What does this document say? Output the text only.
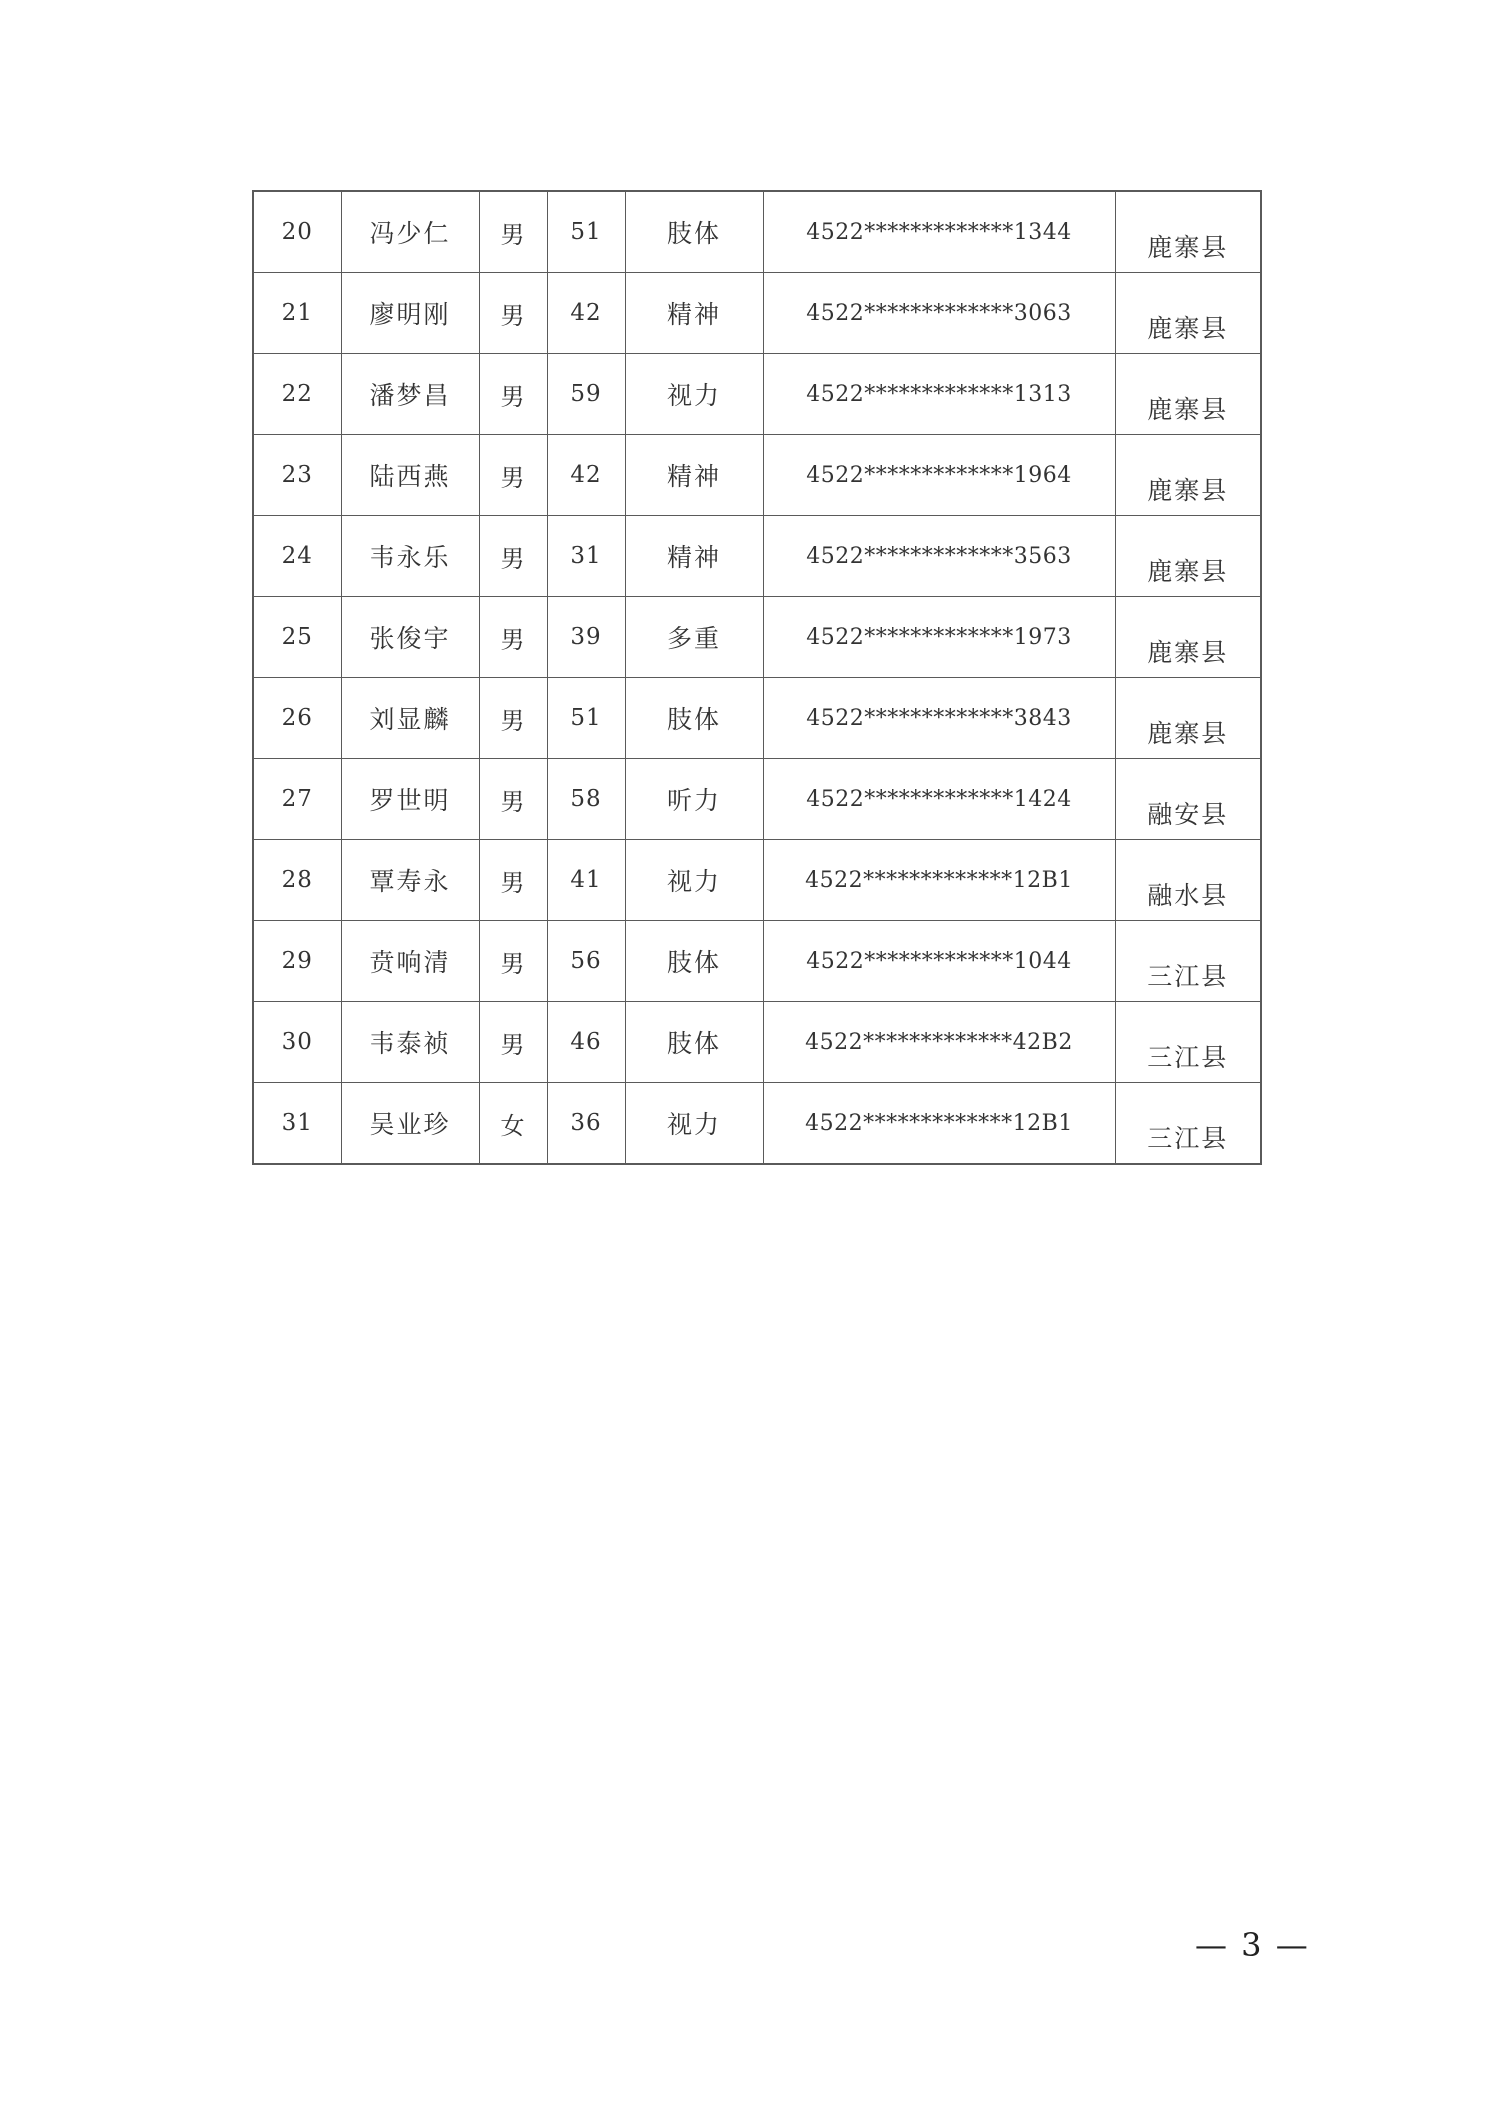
20	冯少仁	男	51	肢体	4522*************1344	鹿寨县
21	廖明刚	男	42	精神	4522*************3063	鹿寨县
22	潘梦昌	男	59	视力	4522*************1313	鹿寨县
23	陆西燕	男	42	精神	4522*************1964	鹿寨县
24	韦永乐	男	31	精神	4522*************3563	鹿寨县
25	张俊宇	男	39	多重	4522*************1973	鹿寨县
26	刘显麟	男	51	肢体	4522*************3843	鹿寨县
27	罗世明	男	58	听力	4522*************1424	融安县
28	覃寿永	男	41	视力	4522*************12B1	融水县
29	贲响清	男	56	肢体	4522*************1044	三江县
30	韦泰祯	男	46	肢体	4522*************42B2	三江县
31	吴业珍	女	36	视力	4522*************12B1	三江县
— 3 —
